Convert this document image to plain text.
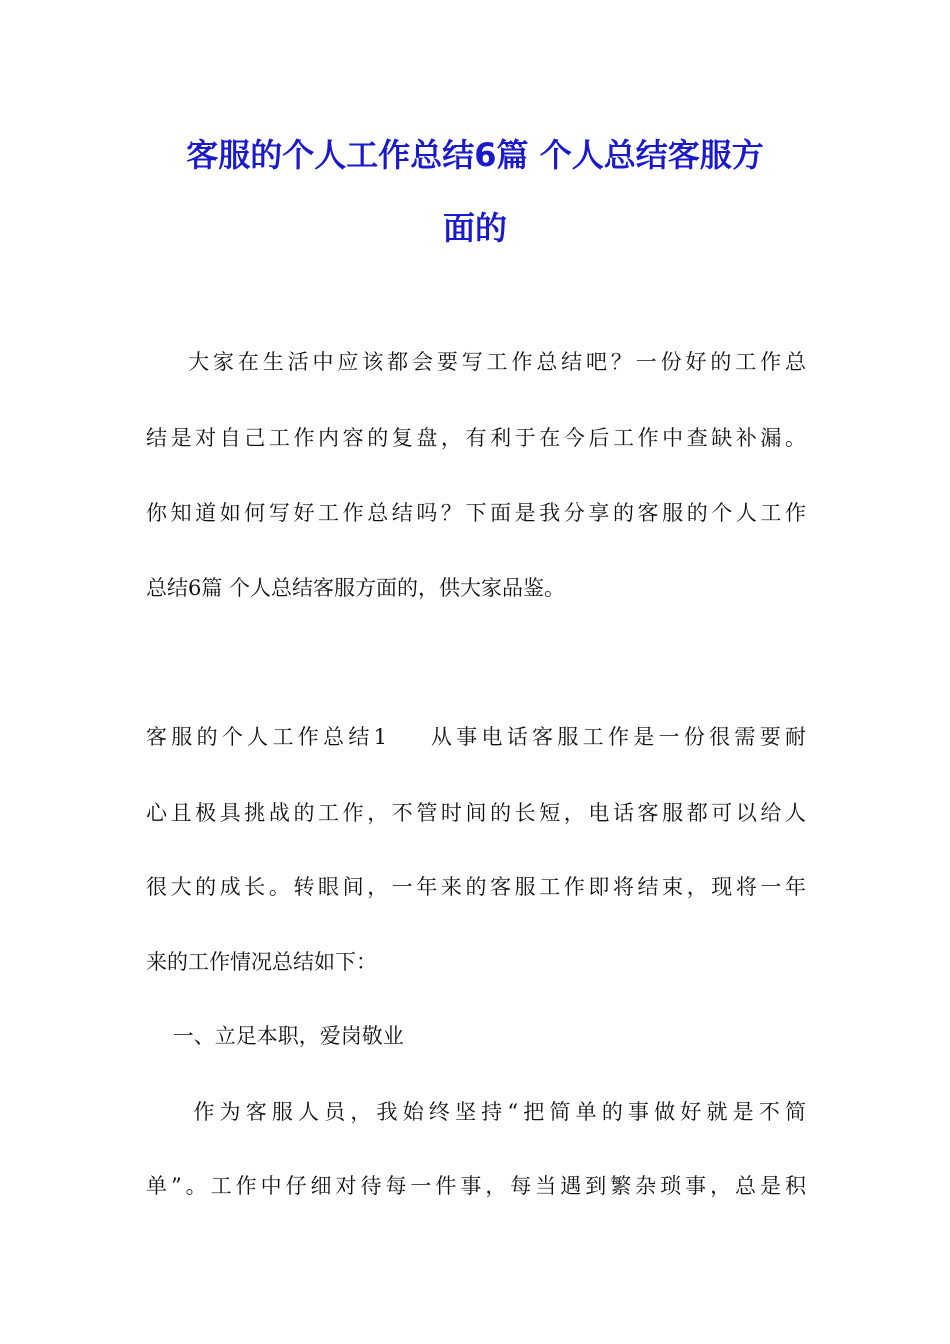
客服的个人工作总结6篇 个人总结客服方
面的

大家在生活中应该都会要写工作总结吧？一份好的工作总

结是对自己工作内容的复盘，有利于在今后工作中查缺补漏。

你知道如何写好工作总结吗？下面是我分享的客服的个人工作

总结6篇 个人总结客服方面的，供大家品鉴。

客服的个人工作总结1    从事电话客服工作是一份很需要耐

心且极具挑战的工作，不管时间的长短，电话客服都可以给人

很大的成长。转眼间，一年来的客服工作即将结束，现将一年

来的工作情况总结如下：

一、立足本职，爱岗敬业

作为客服人员，我始终坚持“把简单的事做好就是不简

单”。工作中仔细对待每一件事，每当遇到繁杂琐事，总是积
